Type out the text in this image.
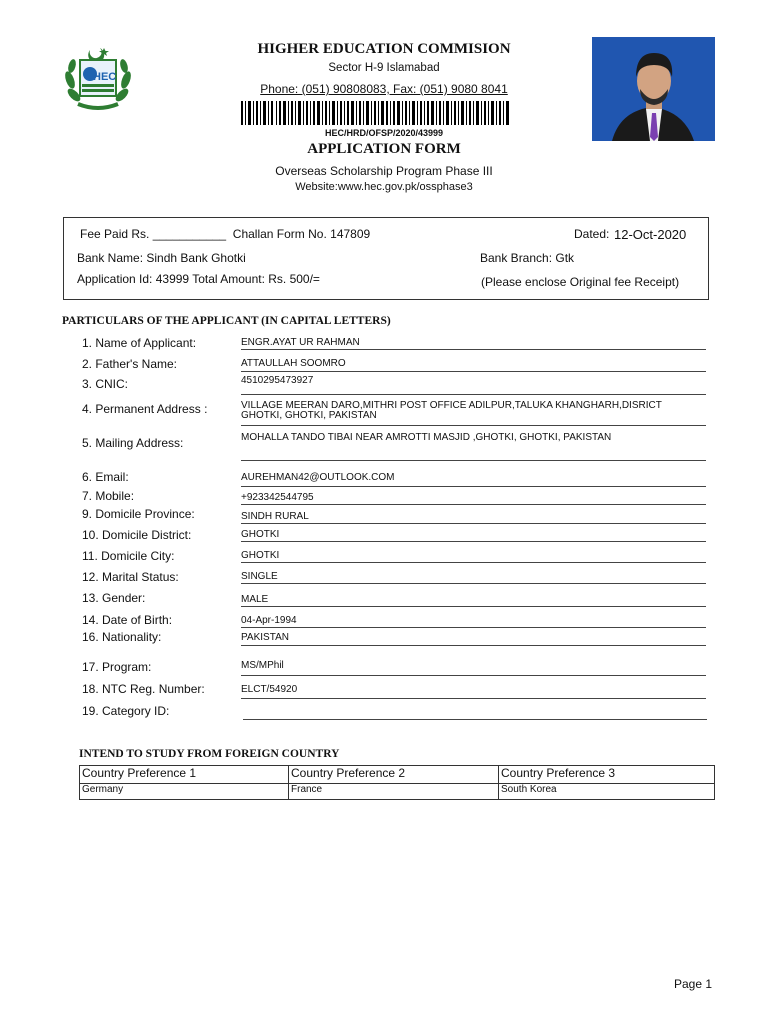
HEC
HIGHER EDUCATION COMMISION
Sector H-9 Islamabad
Phone: (051) 90808083, Fax: (051) 9080 8041
HEC/HRD/OFSP/2020/43999
APPLICATION FORM
Overseas Scholarship Program Phase III
Website:www.hec.gov.pk/ossphase3
Fee Paid Rs. ___________  Challan Form No. 147809	Dated: 12-Oct-2020
Bank Name: Sindh Bank Ghotki	Bank Branch: Gtk
Application Id: 43999 Total Amount: Rs. 500/=	(Please enclose Original fee Receipt)
PARTICULARS OF THE APPLICANT (IN CAPITAL LETTERS)
1. Name of Applicant:	ENGR.AYAT UR RAHMAN
2. Father's Name:	ATTAULLAH SOOMRO
3. CNIC:	4510295473927
4. Permanent Address :	VILLAGE MEERAN DARO,MITHRI POST OFFICE ADILPUR,TALUKA KHANGHARH,DISRICT
GHOTKI, GHOTKI, PAKISTAN
5. Mailing Address:	MOHALLA TANDO TIBAI NEAR AMROTTI MASJID ,GHOTKI, GHOTKI, PAKISTAN
6. Email:	AUREHMAN42@OUTLOOK.COM
7. Mobile:	+923342544795
9. Domicile Province:	SINDH RURAL
10. Domicile District:	GHOTKI
11. Domicile City:	GHOTKI
12. Marital Status:	SINGLE
13. Gender:	MALE
14. Date of Birth:	04-Apr-1994
16. Nationality:	PAKISTAN
17. Program:	MS/MPhil
18. NTC Reg. Number:	ELCT/54920
19. Category ID:
INTEND TO STUDY FROM FOREIGN COUNTRY
Country Preference 1	Country Preference 2	Country Preference 3
Germany	France	South Korea
Page 1
